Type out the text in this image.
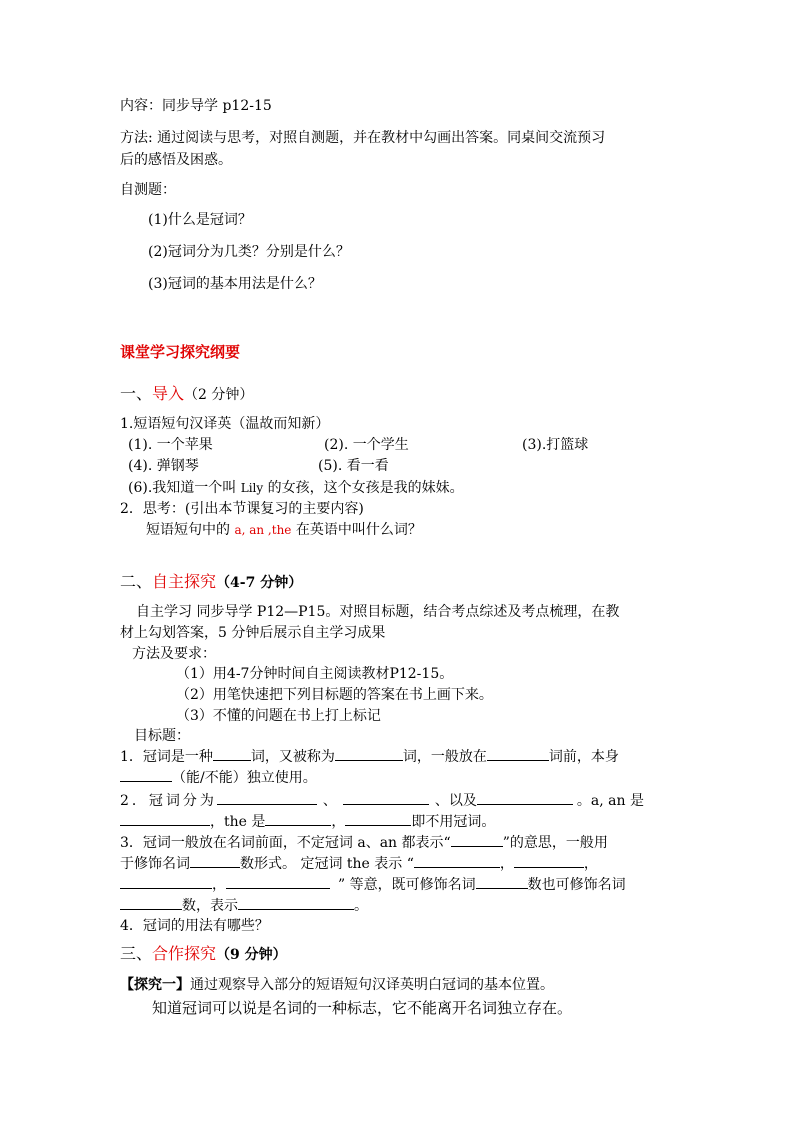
内容：同步导学 p12-15
方法: 通过阅读与思考，对照自测题，并在教材中勾画出答案。同桌间交流预习
后的感悟及困惑。
自测题：
(1)什么是冠词？
(2)冠词分为几类？分别是什么？
(3)冠词的基本用法是什么？
课堂学习探究纲要
一、导入（2 分钟）
1.短语短句汉译英（温故而知新）
(1). 一个苹果	(2). 一个学生	(3).打篮球
(4). 弹钢琴	(5). 看一看
(6).我知道一个叫 Lily 的女孩，这个女孩是我的妹妹。
2．思考：(引出本节课复习的主要内容)
短语短句中的 a, an ,the 在英语中叫什么词？
二、自主探究（4-7 分钟）
自主学习 同步导学 P12—P15。对照目标题，结合考点综述及考点梳理，在教
材上勾划答案，5 分钟后展示自主学习成果
方法及要求：
（1）用4-7分钟时间自主阅读教材P12-15。
（2）用笔快速把下列目标题的答案在书上画下来。
（3）不懂的问题在书上打上标记
目标题：
1．冠词是一种	词，又被称为	词，一般放在	词前，本身
（能/不能）独立使用。
2．冠词分为	、	、以及	。a, an 是
，the 是	，	即不用冠词。
3．冠词一般放在名词前面，不定冠词 a、an 都表示“	”的意思，一般用
于修饰名词	数形式。 定冠词 the 表示 “	，	，
，	” 等意，既可修饰名词	数也可修饰名词
数，表示	。
4．冠词的用法有哪些？
三、合作探究（9 分钟）
【探究一】通过观察导入部分的短语短句汉译英明白冠词的基本位置。
知道冠词可以说是名词的一种标志，它不能离开名词独立存在。
